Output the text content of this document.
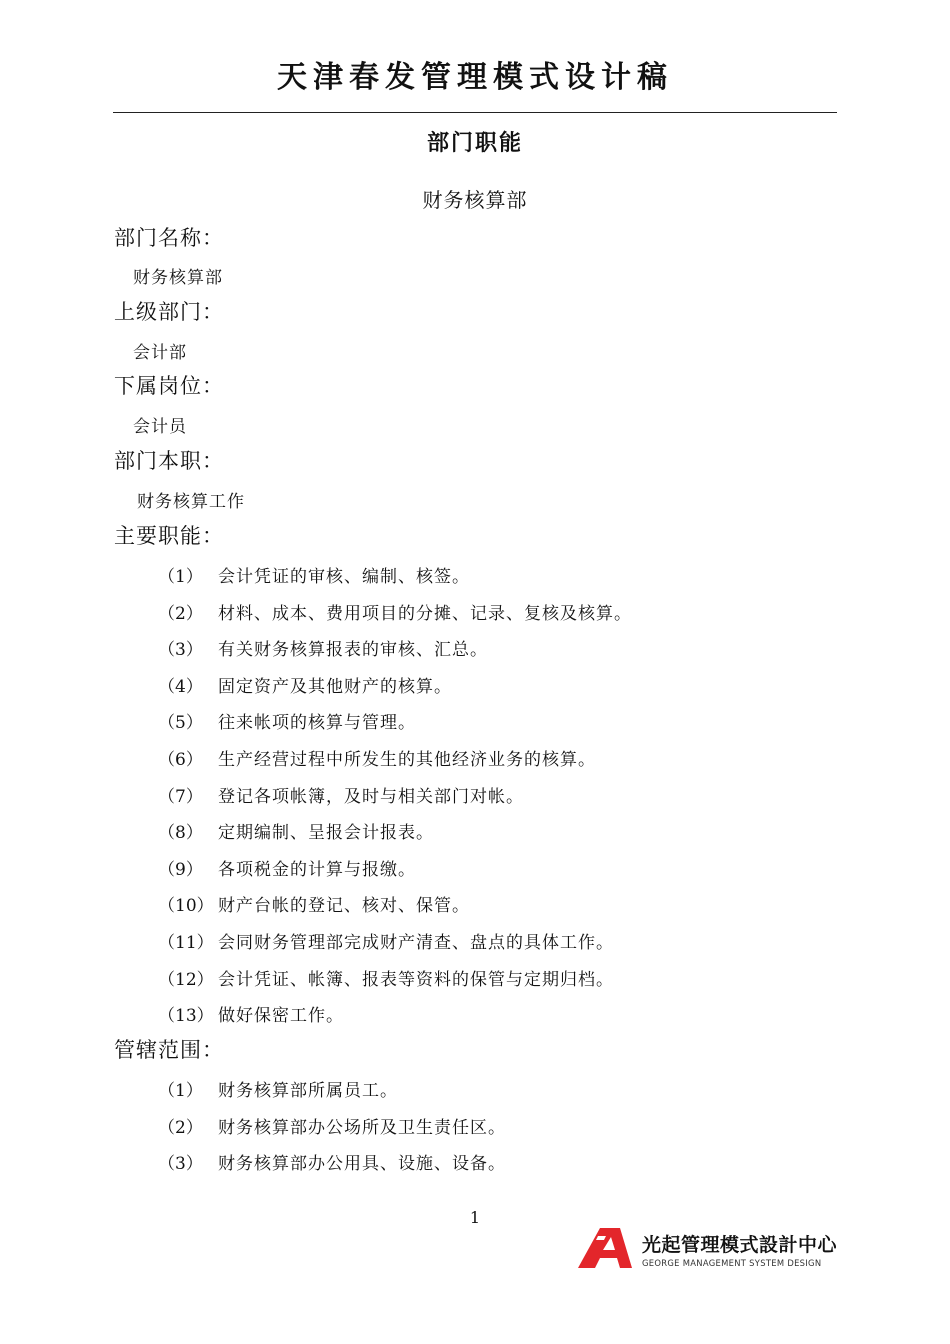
天津春发管理模式设计稿
部门职能
财务核算部
部门名称：
财务核算部
上级部门：
会计部
下属岗位：
会计员
部门本职：
财务核算工作
主要职能：
（1） 会计凭证的审核、编制、核签。
（2） 材料、成本、费用项目的分摊、记录、复核及核算。
（3） 有关财务核算报表的审核、汇总。
（4） 固定资产及其他财产的核算。
（5） 往来帐项的核算与管理。
（6） 生产经营过程中所发生的其他经济业务的核算。
（7） 登记各项帐簿，及时与相关部门对帐。
（8） 定期编制、呈报会计报表。
（9） 各项税金的计算与报缴。
（10） 财产台帐的登记、核对、保管。
（11） 会同财务管理部完成财产清查、盘点的具体工作。
（12） 会计凭证、帐簿、报表等资料的保管与定期归档。
（13） 做好保密工作。
管辖范围：
（1） 财务核算部所属员工。
（2） 财务核算部办公场所及卫生责任区。
（3） 财务核算部办公用具、设施、设备。
1
光起管理模式設計中心
GEORGE MANAGEMENT SYSTEM DESIGN
